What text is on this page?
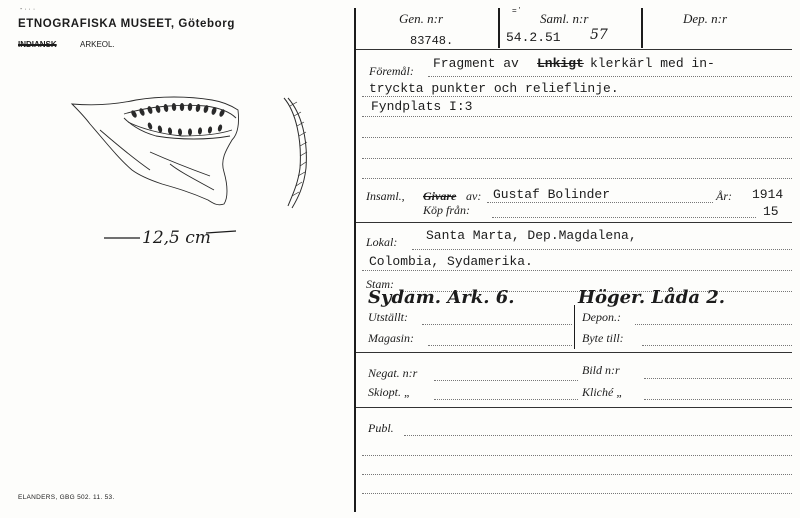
- · · ·
ETNOGRAFISKA MUSEET, Göteborg
INDIANSK	ARKEOL.
12,5 cm
ELANDERS, GBG 502. 11. 53.
Gen. n:r
83748.
= '
Saml. n:r
54.2.51 57
Dep. n:r
Föremål: Fragment av Lnkigt klerkärl med in-
tryckta punkter och relieflinje.
Fyndplats I:3
Insaml., Givare av: Gustaf Bolinder	År: 1914
Köp från:	15
Lokal: Santa Marta, Dep.Magdalena,
Colombia, Sydamerika.
Stam:
Sydam. Ark. 6.	Höger. Låda 2.
Utställt:	Depon.:
Magasin:	Byte till:
Negat. n:r	Bild n:r
Skiopt. „	Kliché „
Publ.
